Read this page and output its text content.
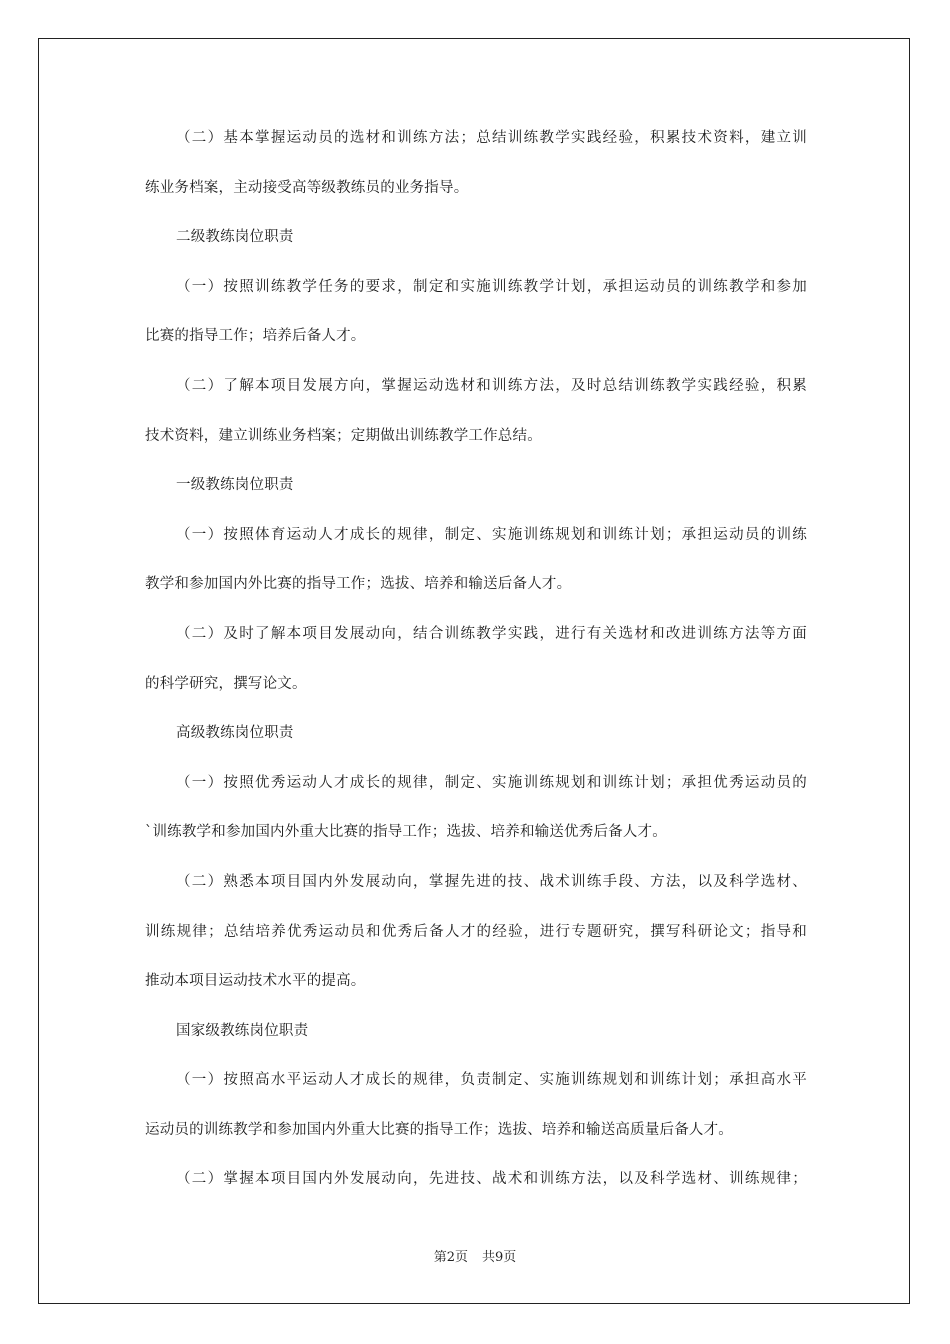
（二）基本掌握运动员的选材和训练方法；总结训练教学实践经验，积累技术资料，建立训
练业务档案，主动接受高等级教练员的业务指导。
二级教练岗位职责
（一）按照训练教学任务的要求，制定和实施训练教学计划，承担运动员的训练教学和参加
比赛的指导工作；培养后备人才。
（二）了解本项目发展方向，掌握运动选材和训练方法，及时总结训练教学实践经验，积累
技术资料，建立训练业务档案；定期做出训练教学工作总结。
一级教练岗位职责
（一）按照体育运动人才成长的规律，制定、实施训练规划和训练计划；承担运动员的训练
教学和参加国内外比赛的指导工作；选拔、培养和输送后备人才。
（二）及时了解本项目发展动向，结合训练教学实践，进行有关选材和改进训练方法等方面
的科学研究，撰写论文。
高级教练岗位职责
（一）按照优秀运动人才成长的规律，制定、实施训练规划和训练计划；承担优秀运动员的
`训练教学和参加国内外重大比赛的指导工作；选拔、培养和输送优秀后备人才。
（二）熟悉本项目国内外发展动向，掌握先进的技、战术训练手段、方法，以及科学选材、
训练规律；总结培养优秀运动员和优秀后备人才的经验，进行专题研究，撰写科研论文；指导和
推动本项目运动技术水平的提高。
国家级教练岗位职责
（一）按照高水平运动人才成长的规律，负责制定、实施训练规划和训练计划；承担高水平
运动员的训练教学和参加国内外重大比赛的指导工作；选拔、培养和输送高质量后备人才。
（二）掌握本项目国内外发展动向，先进技、战术和训练方法，以及科学选材、训练规律；
第2页 共9页
